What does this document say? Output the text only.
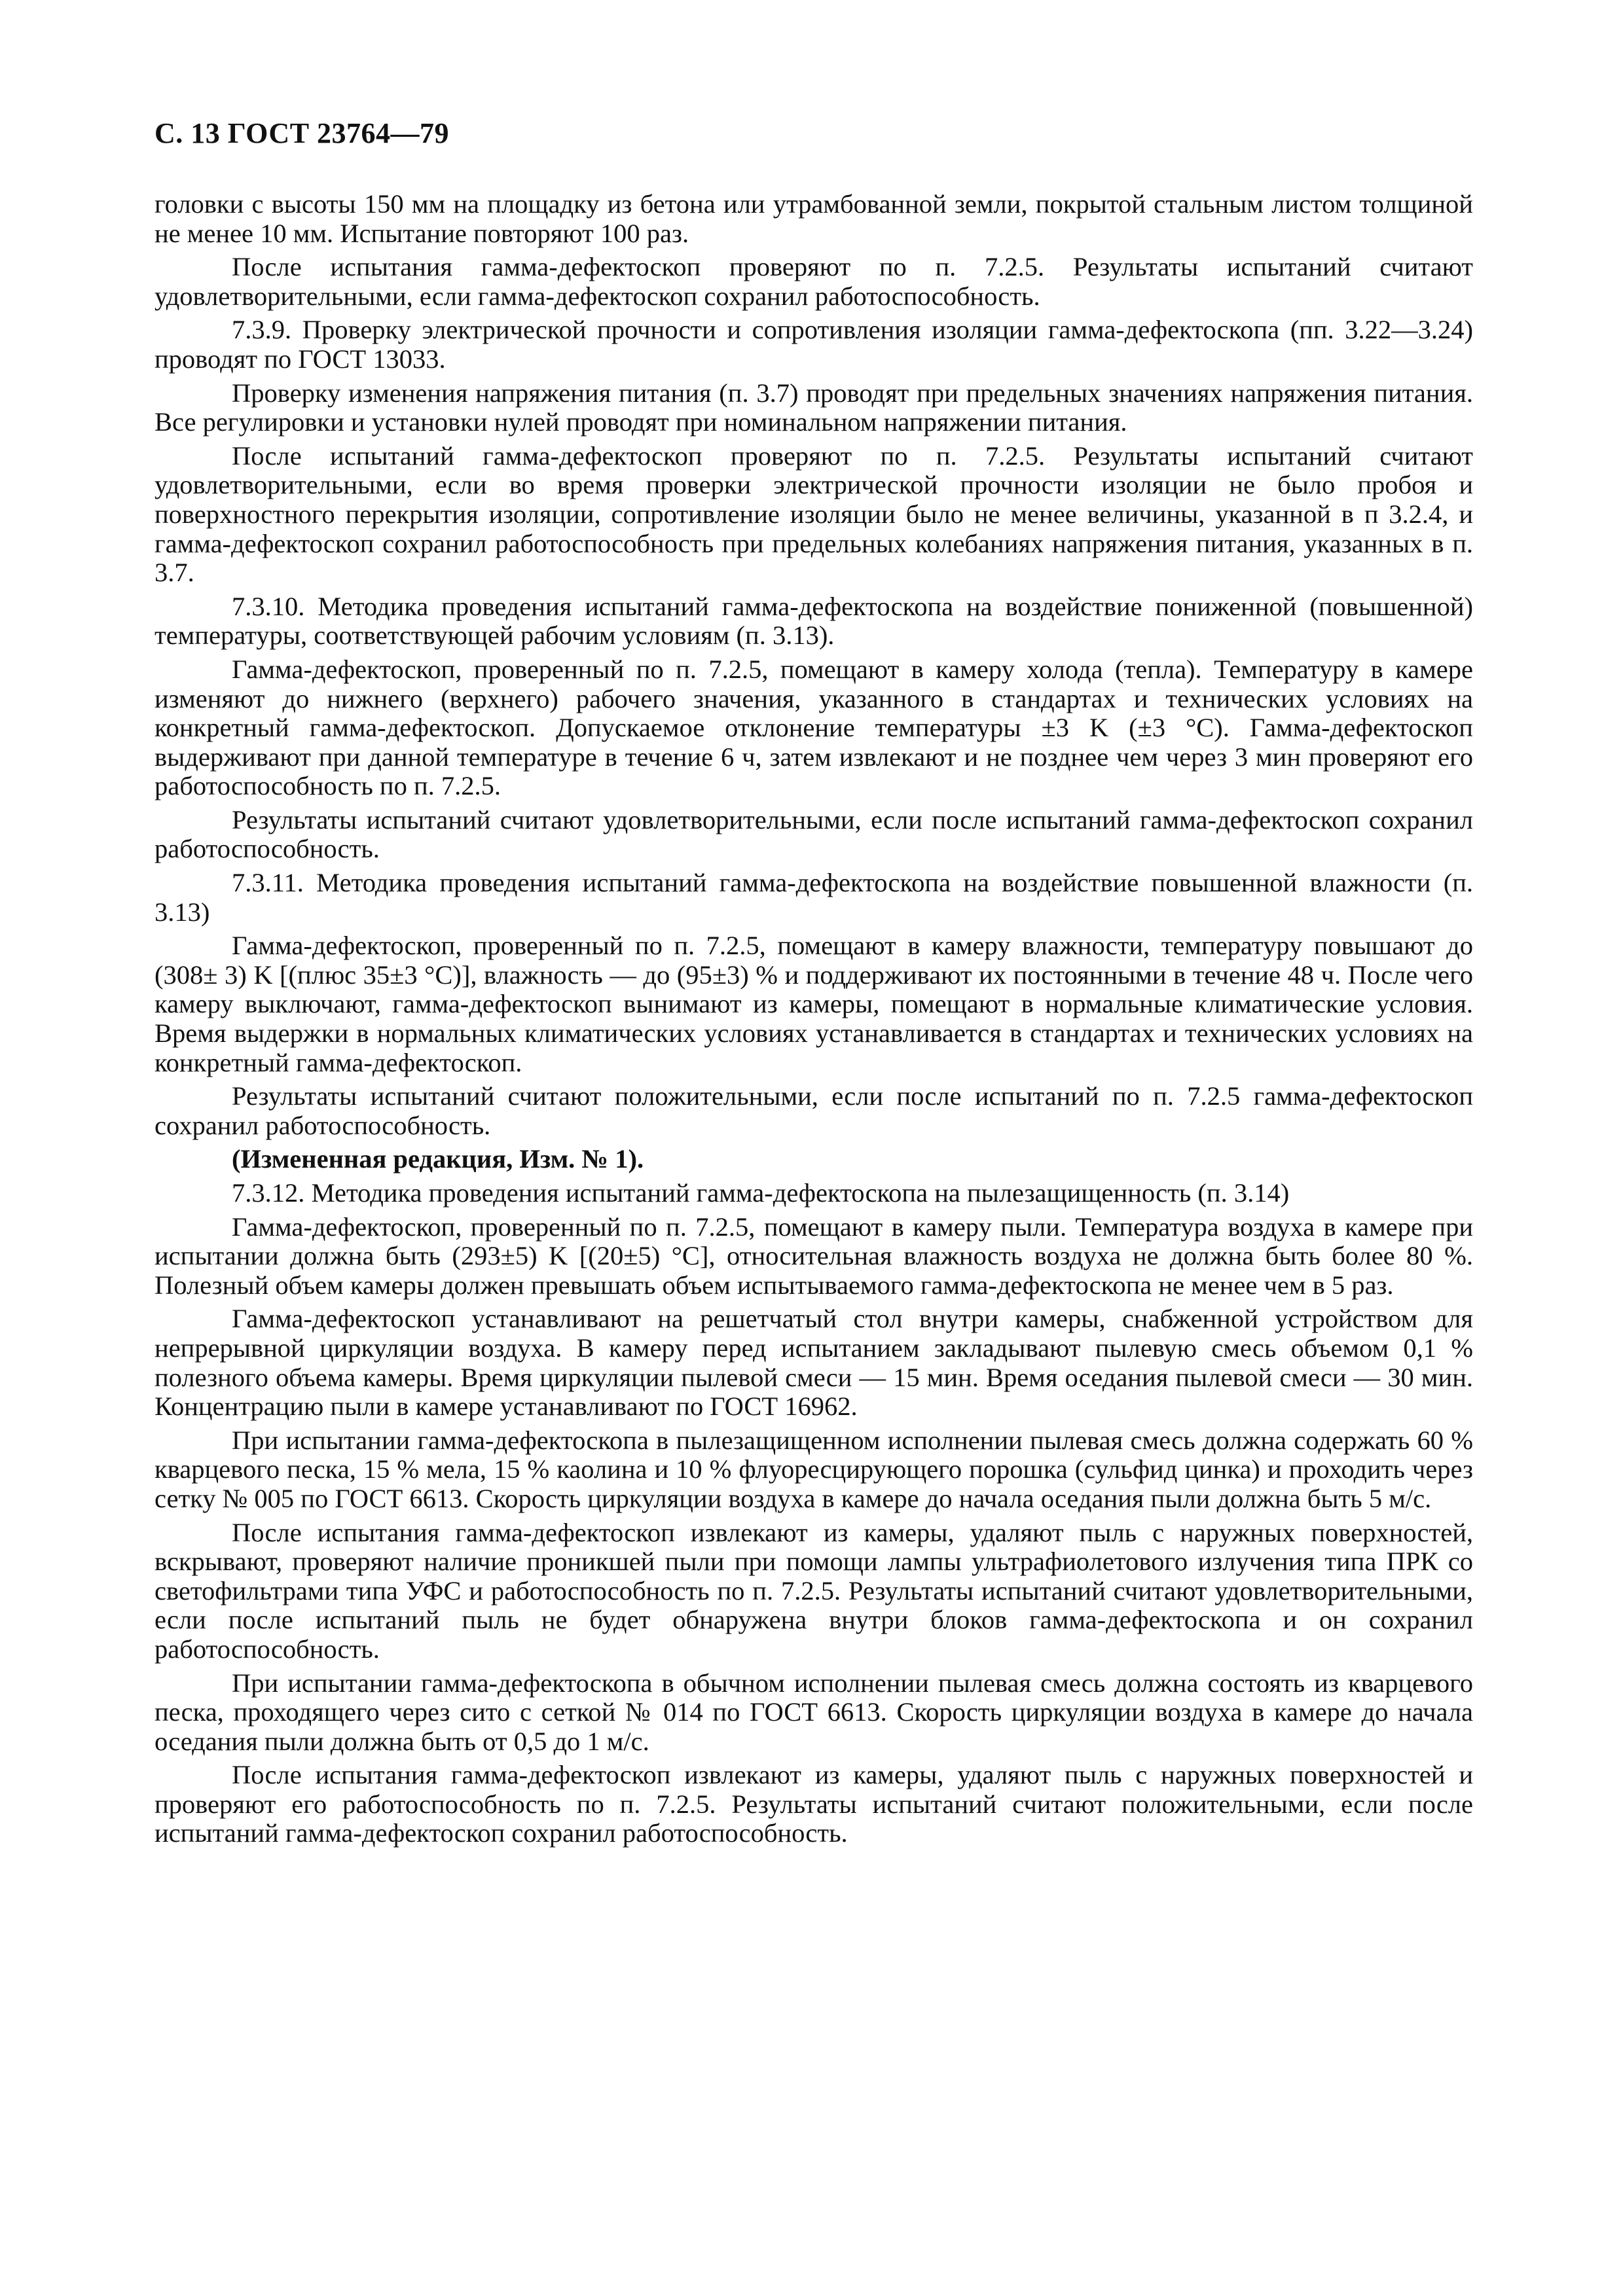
С. 13 ГОСТ 23764—79

головки с высоты 150 мм на площадку из бетона или утрамбованной земли, покрытой стальным листом толщиной не менее 10 мм. Испытание повторяют 100 раз.

После испытания гамма-дефектоскоп проверяют по п. 7.2.5. Результаты испытаний считают удовлетворительными, если гамма-дефектоскоп сохранил работоспособность.

7.3.9. Проверку электрической прочности и сопротивления изоляции гамма-дефектоскопа (пп. 3.22—3.24) проводят по ГОСТ 13033.

Проверку изменения напряжения питания (п. 3.7) проводят при предельных значениях напряжения питания. Все регулировки и установки нулей проводят при номинальном напряжении питания.

После испытаний гамма-дефектоскоп проверяют по п. 7.2.5. Результаты испытаний считают удовлетворительными, если во время проверки электрической прочности изоляции не было пробоя и поверхностного перекрытия изоляции, сопротивление изоляции было не менее величины, указанной в п 3.2.4, и гамма-дефектоскоп сохранил работоспособность при предельных колебаниях напряжения питания, указанных в п. 3.7.

7.3.10. Методика проведения испытаний гамма-дефектоскопа на воздействие пониженной (повышенной) температуры, соответствующей рабочим условиям (п. 3.13).

Гамма-дефектоскоп, проверенный по п. 7.2.5, помещают в камеру холода (тепла). Температуру в камере изменяют до нижнего (верхнего) рабочего значения, указанного в стандартах и технических условиях на конкретный гамма-дефектоскоп. Допускаемое отклонение температуры ±3 K (±3 °C). Гамма-дефектоскоп выдерживают при данной температуре в течение 6 ч, затем извлекают и не позднее чем через 3 мин проверяют его работоспособность по п. 7.2.5.

Результаты испытаний считают удовлетворительными, если после испытаний гамма-дефектоскоп сохранил работоспособность.

7.3.11. Методика проведения испытаний гамма-дефектоскопа на воздействие повышенной влажности (п. 3.13)

Гамма-дефектоскоп, проверенный по п. 7.2.5, помещают в камеру влажности, температуру повышают до (308± 3) K [(плюс 35±3 °C)], влажность — до (95±3) % и поддерживают их постоянными в течение 48 ч. После чего камеру выключают, гамма-дефектоскоп вынимают из камеры, помещают в нормальные климатические условия. Время выдержки в нормальных климатических условиях устанавливается в стандартах и технических условиях на конкретный гамма-дефектоскоп.

Результаты испытаний считают положительными, если после испытаний по п. 7.2.5 гамма-дефектоскоп сохранил работоспособность.

(Измененная редакция, Изм. № 1).

7.3.12. Методика проведения испытаний гамма-дефектоскопа на пылезащищенность (п. 3.14)

Гамма-дефектоскоп, проверенный по п. 7.2.5, помещают в камеру пыли. Температура воздуха в камере при испытании должна быть (293±5) K [(20±5) °C], относительная влажность воздуха не должна быть более 80 %. Полезный объем камеры должен превышать объем испытываемого гамма-дефектоскопа не менее чем в 5 раз.

Гамма-дефектоскоп устанавливают на решетчатый стол внутри камеры, снабженной устройством для непрерывной циркуляции воздуха. В камеру перед испытанием закладывают пылевую смесь объемом 0,1 % полезного объема камеры. Время циркуляции пылевой смеси — 15 мин. Время оседания пылевой смеси — 30 мин. Концентрацию пыли в камере устанавливают по ГОСТ 16962.

При испытании гамма-дефектоскопа в пылезащищенном исполнении пылевая смесь должна содержать 60 % кварцевого песка, 15 % мела, 15 % каолина и 10 % флуоресцирующего порошка (сульфид цинка) и проходить через сетку № 005 по ГОСТ 6613. Скорость циркуляции воздуха в камере до начала оседания пыли должна быть 5 м/с.

После испытания гамма-дефектоскоп извлекают из камеры, удаляют пыль с наружных поверхностей, вскрывают, проверяют наличие проникшей пыли при помощи лампы ультрафиолетового излучения типа ПРК со светофильтрами типа УФС и работоспособность по п. 7.2.5. Результаты испытаний считают удовлетворительными, если после испытаний пыль не будет обнаружена внутри блоков гамма-дефектоскопа и он сохранил работоспособность.

При испытании гамма-дефектоскопа в обычном исполнении пылевая смесь должна состоять из кварцевого песка, проходящего через сито с сеткой № 014 по ГОСТ 6613. Скорость циркуляции воздуха в камере до начала оседания пыли должна быть от 0,5 до 1 м/с.

После испытания гамма-дефектоскоп извлекают из камеры, удаляют пыль с наружных поверхностей и проверяют его работоспособность по п. 7.2.5. Результаты испытаний считают положительными, если после испытаний гамма-дефектоскоп сохранил работоспособность.
